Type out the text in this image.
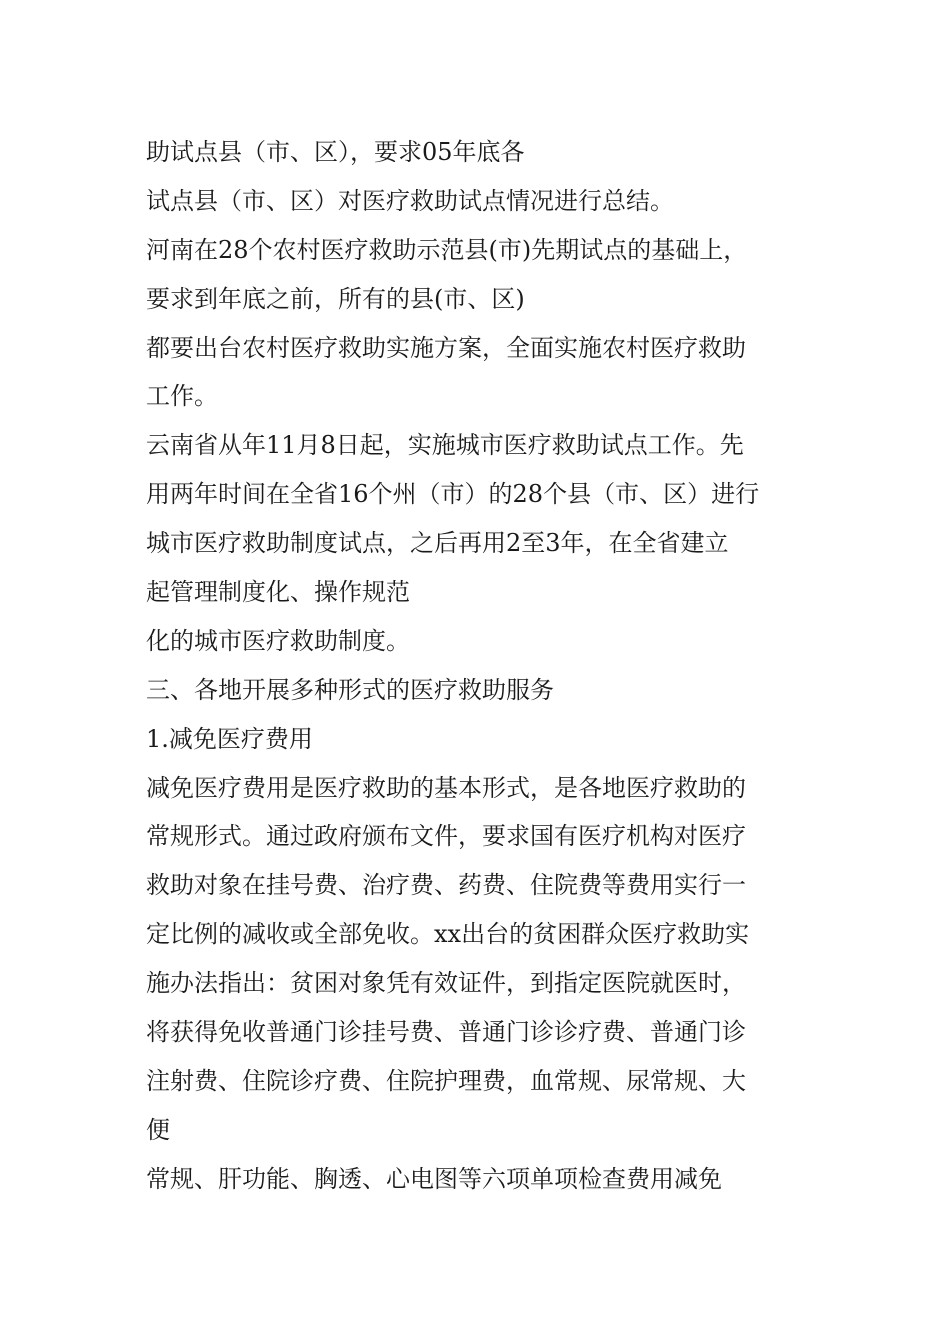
助试点县（市、区），要求05年底各
试点县（市、区）对医疗救助试点情况进行总结。
河南在28个农村医疗救助示范县(市)先期试点的基础上，
要求到年底之前，所有的县(市、区)
都要出台农村医疗救助实施方案，全面实施农村医疗救助
工作。
云南省从年11月8日起，实施城市医疗救助试点工作。先
用两年时间在全省16个州（市）的28个县（市、区）进行
城市医疗救助制度试点，之后再用2至3年，在全省建立
起管理制度化、操作规范
化的城市医疗救助制度。
三、各地开展多种形式的医疗救助服务
1.减免医疗费用
减免医疗费用是医疗救助的基本形式，是各地医疗救助的
常规形式。通过政府颁布文件，要求国有医疗机构对医疗
救助对象在挂号费、治疗费、药费、住院费等费用实行一
定比例的减收或全部免收。xx出台的贫困群众医疗救助实
施办法指出：贫困对象凭有效证件，到指定医院就医时，
将获得免收普通门诊挂号费、普通门诊诊疗费、普通门诊
注射费、住院诊疗费、住院护理费，血常规、尿常规、大
便
常规、肝功能、胸透、心电图等六项单项检查费用减免
